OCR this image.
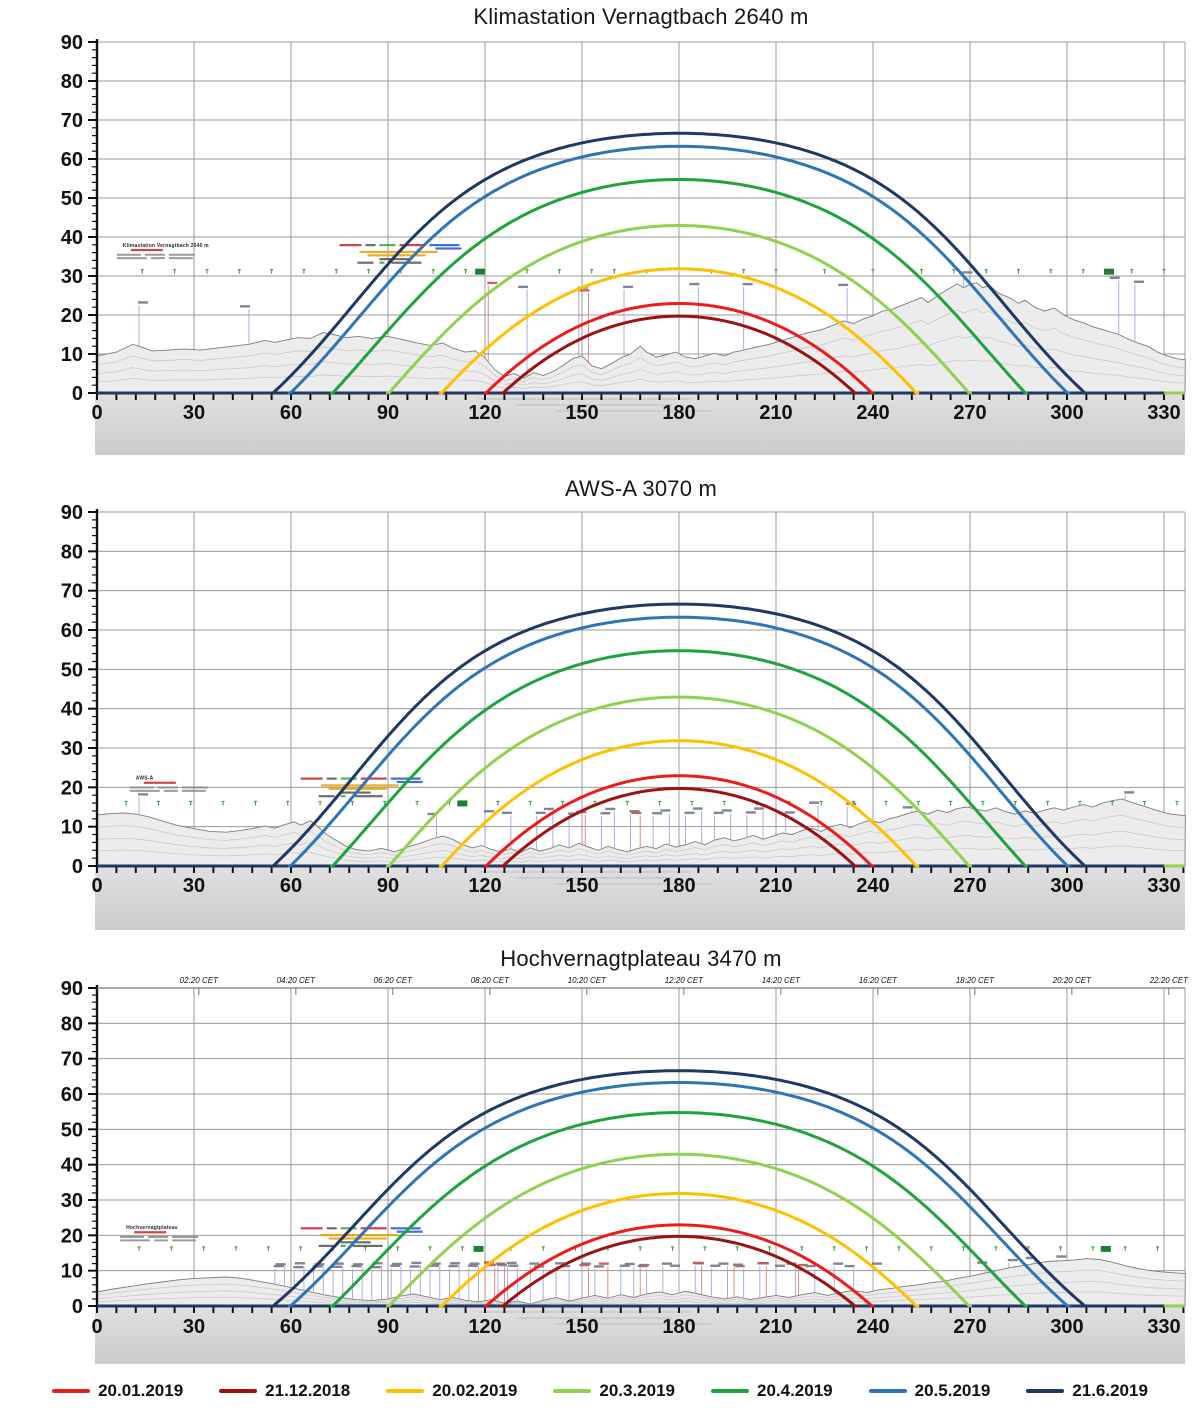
Klimastation Vernagtbach 2640 m
0
10
20
30
40
50
60
70
80
90
0	30	60	90	120	150	180	210	240	270	300	330
Klimastation Vernagtbach 2640 m
AWS-A 3070 m
0
10
20
30
40
50
60
70
80
90
0	30	60	90	120	150	180	210	240	270	300	330
AWS-A
Hochvernagtplateau 3470 m
0
10
20
30
40
50
60
70
80
90
0	30	60	90	120	150	180	210	240	270	300	330
Hochvernagtplateau
02:20 CET	04:20 CET	06:20 CET	08:20 CET	10:20 CET	12:20 CET	14:20 CET	16:20 CET	18:20 CET	20:20 CET	22:20 CET
20.01.2019	21.12.2018	20.02.2019	20.3.2019	20.4.2019	20.5.2019	21.6.2019
